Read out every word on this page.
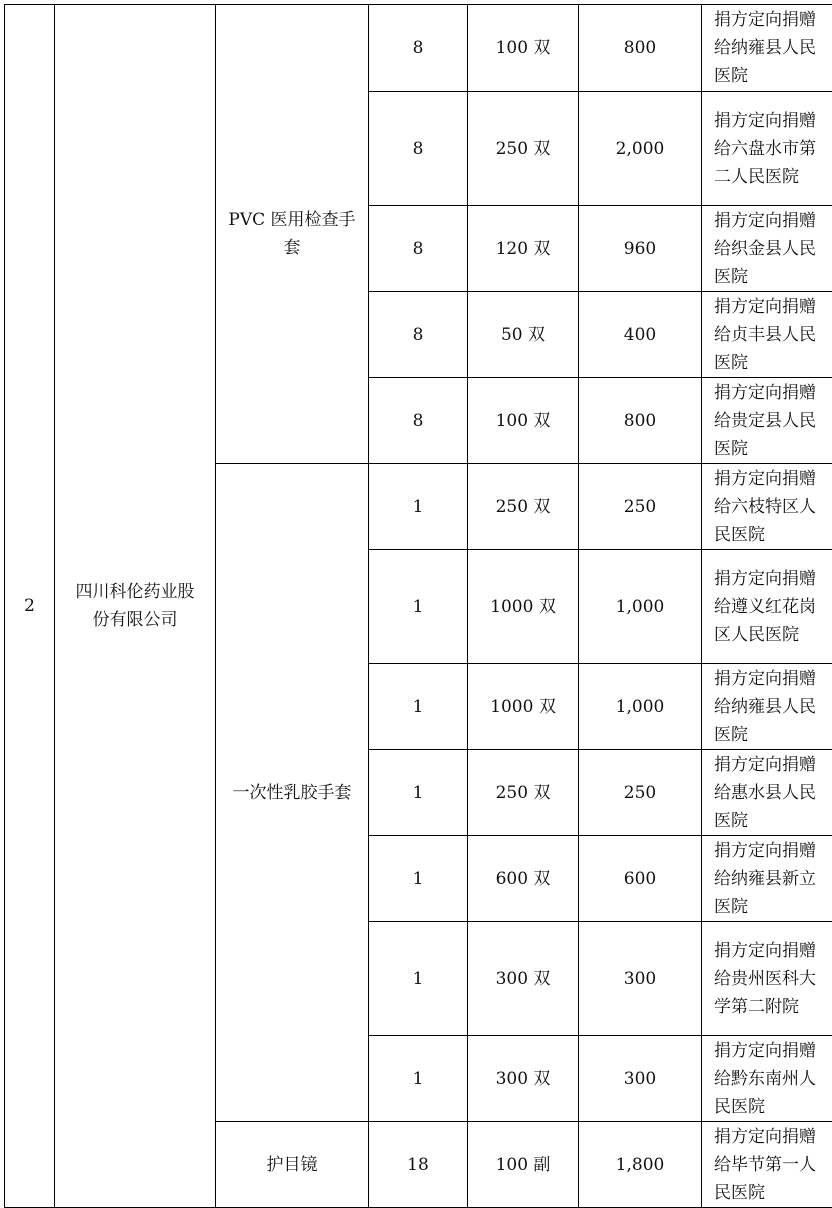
2	四川科伦药业股份有限公司	PVC 医用检查手套	8	100 双	800	捐方定向捐赠给纳雍县人民医院
			8	250 双	2,000	捐方定向捐赠给六盘水市第二人民医院
			8	120 双	960	捐方定向捐赠给织金县人民医院
			8	50 双	400	捐方定向捐赠给贞丰县人民医院
			8	100 双	800	捐方定向捐赠给贵定县人民医院
		一次性乳胶手套	1	250 双	250	捐方定向捐赠给六枝特区人民医院
			1	1000 双	1,000	捐方定向捐赠给遵义红花岗区人民医院
			1	1000 双	1,000	捐方定向捐赠给纳雍县人民医院
			1	250 双	250	捐方定向捐赠给惠水县人民医院
			1	600 双	600	捐方定向捐赠给纳雍县新立医院
			1	300 双	300	捐方定向捐赠给贵州医科大学第二附院
			1	300 双	300	捐方定向捐赠给黔东南州人民医院
		护目镜	18	100 副	1,800	捐方定向捐赠给毕节第一人民医院
